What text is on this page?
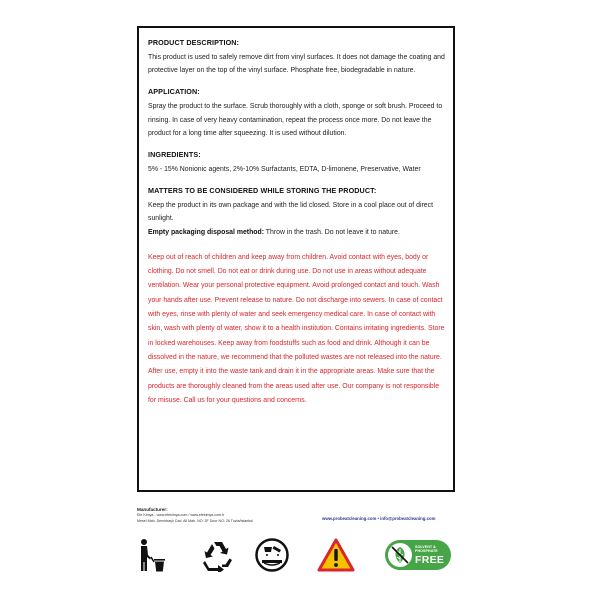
PRODUCT DESCRIPTION:

This product is used to safely remove dirt from vinyl surfaces. It does not damage the coating and protective layer on the top of the vinyl surface. Phosphate free, biodegradable in nature.

APPLICATION:

Spray the product to the surface. Scrub thoroughly with a cloth, sponge or soft brush. Proceed to rinsing. In case of very heavy contamination, repeat the process once more. Do not leave the product for a long time after squeezing. It is used without dilution.

INGREDIENTS:

5% - 15% Nonionic agents, 2%-10% Surfactants, EDTA, D-limonene, Preservative, Water

MATTERS TO BE CONSIDERED WHILE STORING THE PRODUCT:

Keep the product in its own package and with the lid closed. Store in a cool place out of direct sunlight.

Empty packaging disposal method: Throw in the trash. Do not leave it to nature.

Keep out of reach of children and keep away from children. Avoid contact with eyes, body or clothing. Do not smell. Do not eat or drink during use. Do not use in areas without adequate ventilation. Wear your personal protective equipment. Avoid prolonged contact and touch. Wash your hands after use. Prevent release to nature. Do not discharge into sewers. In case of contact with eyes, rinse with plenty of water and seek emergency medical care. In case of contact with skin, wash with plenty of water, show it to a health institution. Contains irritating ingredients. Store in locked warehouses. Keep away from foodstuffs such as food and drink. Although it can be dissolved in the nature, we recommend that the polluted wastes are not released into the nature. After use, empty it into the waste tank and drain it in the appropriate areas. Make sure that the products are thoroughly cleaned from the areas used after use. Our company is not responsible for misuse. Call us for your questions and concerns.
Manufacturer:
Efe Kimya - www.efekimya.com / www.efekimya.com.tr
Mesel Mah. Demirbaşlı Cad. Ali Mah. NO: 3F Door NO: 26 Tuzla/İstanbul	www.probeatcleaning.com • info@probeatcleaning.com
SOLVENT &
PHOSPHATE
FREE
